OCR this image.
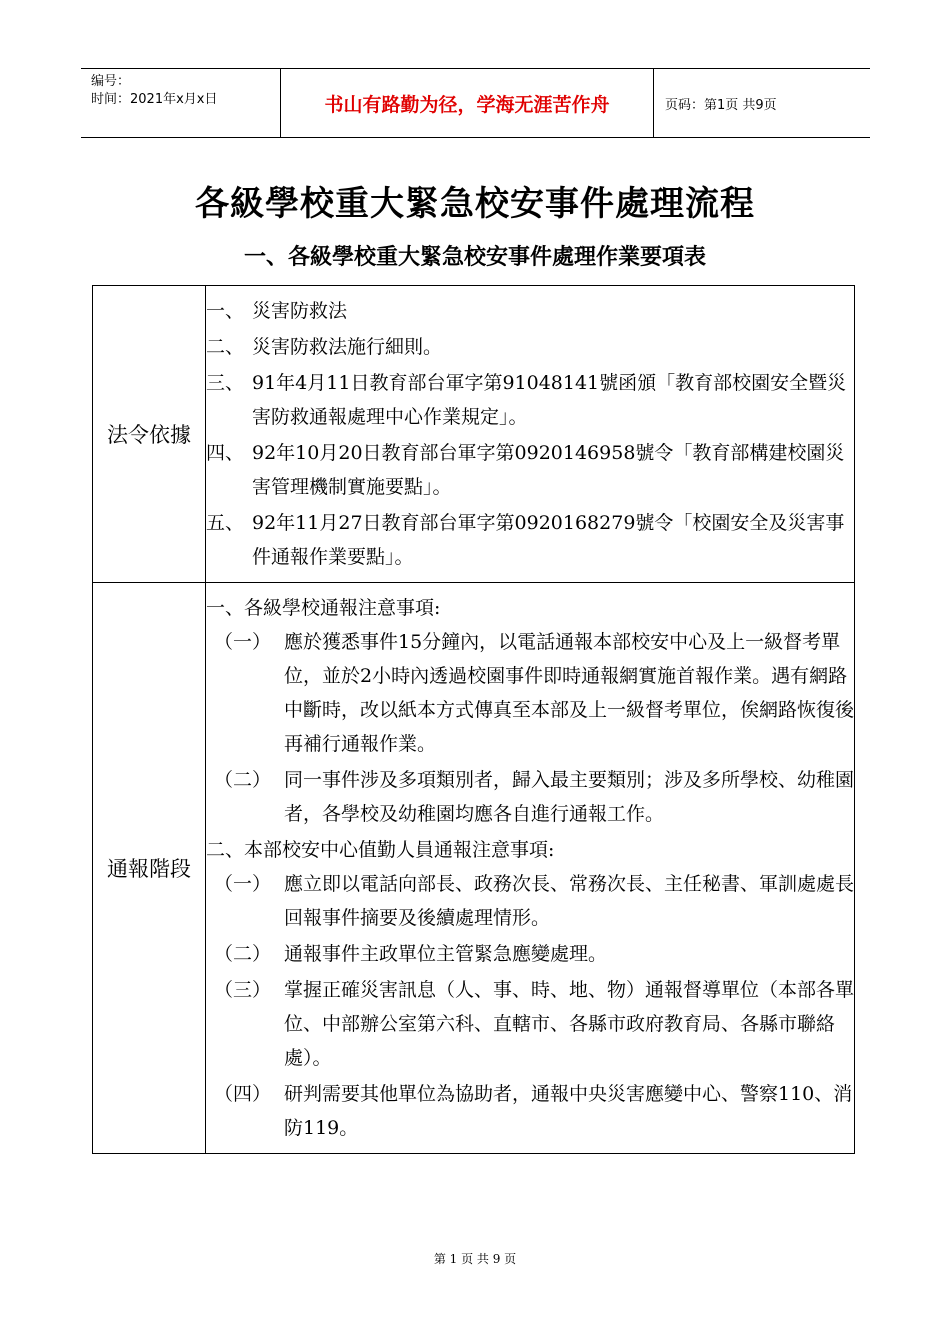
编号：
时间：2021年x月x日	书山有路勤为径，学海无涯苦作舟	页码：第1页 共9页
各級學校重大緊急校安事件處理流程
一、各級學校重大緊急校安事件處理作業要項表
法令依據
一、 災害防救法
二、 災害防救法施行細則。
三、 91年4月11日教育部台軍字第91048141號函頒「教育部校園安全暨災害防救通報處理中心作業規定」。
四、 92年10月20日教育部台軍字第0920146958號令「教育部構建校園災害管理機制實施要點」。
五、 92年11月27日教育部台軍字第0920168279號令「校園安全及災害事件通報作業要點」。
通報階段
一、各級學校通報注意事項:
（一） 應於獲悉事件15分鐘內，以電話通報本部校安中心及上一級督考單位，並於2小時內透過校園事件即時通報網實施首報作業。遇有網路中斷時，改以紙本方式傳真至本部及上一級督考單位，俟網路恢復後再補行通報作業。
（二） 同一事件涉及多項類別者，歸入最主要類別；涉及多所學校、幼稚園者，各學校及幼稚園均應各自進行通報工作。
二、本部校安中心值勤人員通報注意事項:
（一） 應立即以電話向部長、政務次長、常務次長、主任秘書、軍訓處處長回報事件摘要及後續處理情形。
（二） 通報事件主政單位主管緊急應變處理。
（三） 掌握正確災害訊息（人、事、時、地、物）通報督導單位（本部各單位、中部辦公室第六科、直轄市、各縣市政府教育局、各縣市聯絡處）。
（四） 研判需要其他單位為協助者，通報中央災害應變中心、警察110、消防119。
第 1 页 共 9 页
